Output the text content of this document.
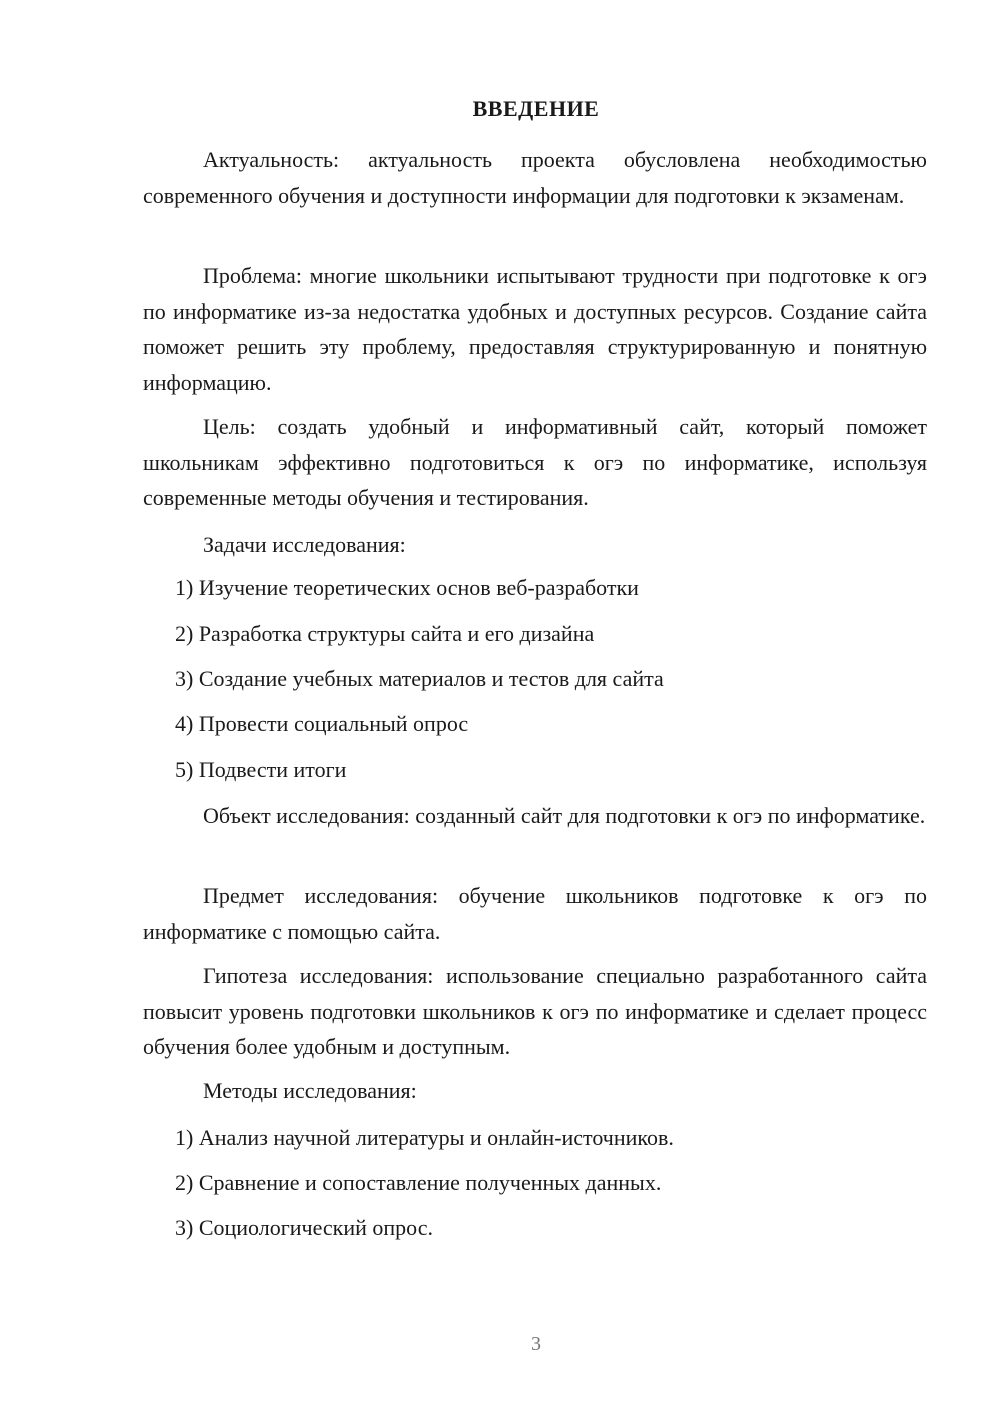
ВВЕДЕНИЕ

Актуальность: актуальность проекта обусловлена необходимостью современного обучения и доступности информации для подготовки к экзаменам.

Проблема: многие школьники испытывают трудности при подготовке к огэ по информатике из-за недостатка удобных и доступных ресурсов. Создание сайта поможет решить эту проблему, предоставляя структурированную и понятную информацию.

Цель: создать удобный и информативный сайт, который поможет школьникам эффективно подготовиться к огэ по информатике, используя современные методы обучения и тестирования.

Задачи исследования:
1) Изучение теоретических основ веб-разработки
2) Разработка структуры сайта и его дизайна
3) Создание учебных материалов и тестов для сайта
4) Провести социальный опрос
5) Подвести итоги

Объект исследования: созданный сайт для подготовки к огэ по информатике.

Предмет исследования: обучение школьников подготовке к огэ по информатике с помощью сайта.

Гипотеза исследования: использование специально разработанного сайта повысит уровень подготовки школьников к огэ по информатике и сделает процесс обучения более удобным и доступным.

Методы исследования:
1) Анализ научной литературы и онлайн-источников.
2) Сравнение и сопоставление полученных данных.
3) Социологический опрос.
3
